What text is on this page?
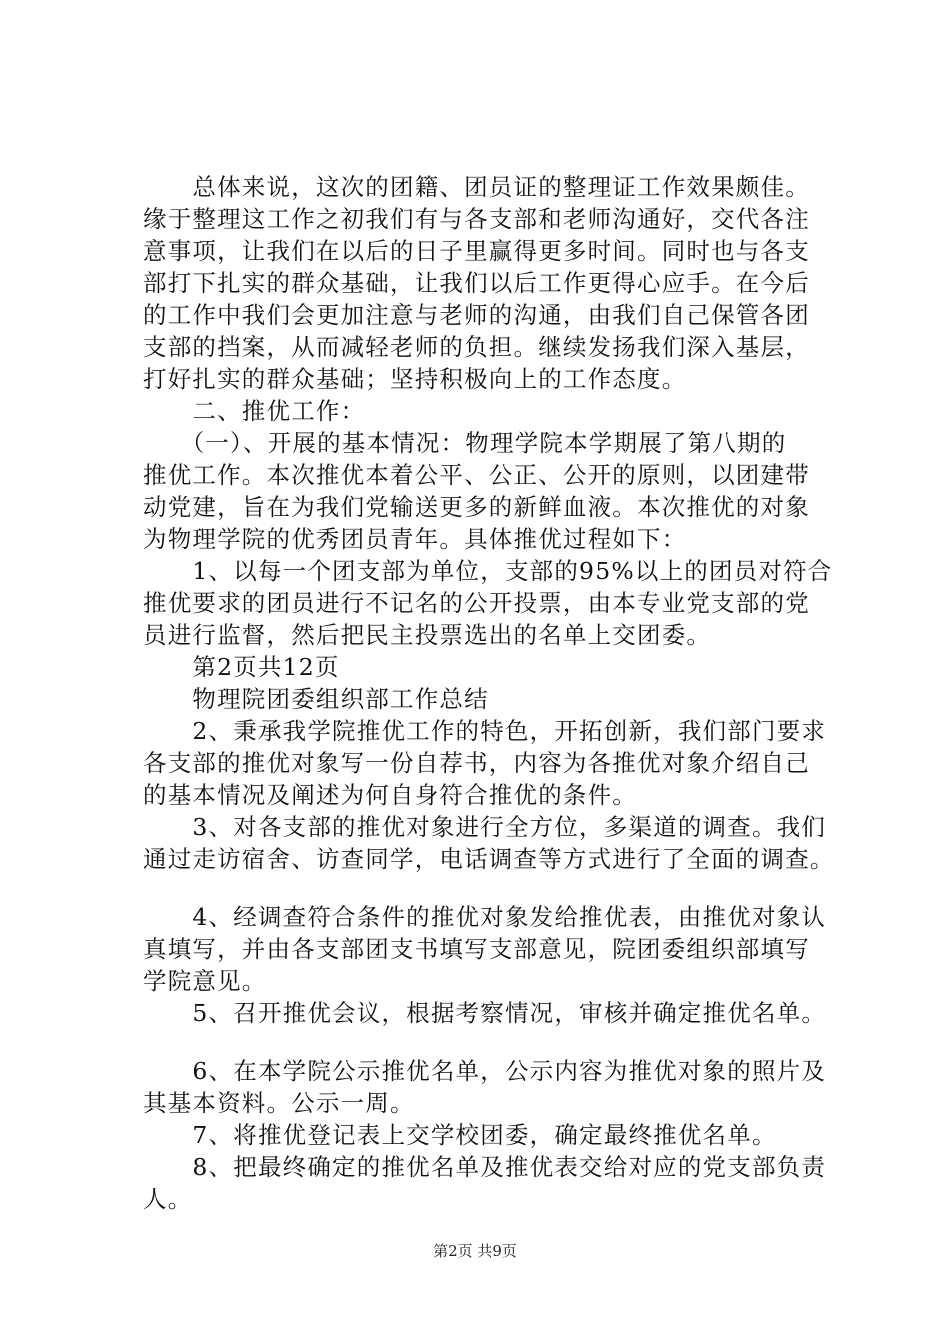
　　总体来说，这次的团籍、团员证的整理证工作效果颇佳。
缘于整理这工作之初我们有与各支部和老师沟通好，交代各注
意事项，让我们在以后的日子里赢得更多时间。同时也与各支
部打下扎实的群众基础，让我们以后工作更得心应手。在今后
的工作中我们会更加注意与老师的沟通，由我们自己保管各团
支部的挡案，从而减轻老师的负担。继续发扬我们深入基层，
打好扎实的群众基础；坚持积极向上的工作态度。
　　二、推优工作：
　　（一）、开展的基本情况：物理学院本学期展了第八期的
推优工作。本次推优本着公平、公正、公开的原则，以团建带
动党建，旨在为我们党输送更多的新鲜血液。本次推优的对象
为物理学院的优秀团员青年。具体推优过程如下：
　　1、以每一个团支部为单位，支部的95%以上的团员对符合
推优要求的团员进行不记名的公开投票，由本专业党支部的党
员进行监督，然后把民主投票选出的名单上交团委。
　　第2页共12页
　　物理院团委组织部工作总结
　　2、秉承我学院推优工作的特色，开拓创新，我们部门要求
各支部的推优对象写一份自荐书，内容为各推优对象介绍自己
的基本情况及阐述为何自身符合推优的条件。
　　3、对各支部的推优对象进行全方位，多渠道的调查。我们
通过走访宿舍、访查同学，电话调查等方式进行了全面的调查。
　　4、经调查符合条件的推优对象发给推优表，由推优对象认
真填写，并由各支部团支书填写支部意见，院团委组织部填写
学院意见。
　　5、召开推优会议，根据考察情况，审核并确定推优名单。
　　6、在本学院公示推优名单，公示内容为推优对象的照片及
其基本资料。公示一周。
　　7、将推优登记表上交学校团委，确定最终推优名单。
　　8、把最终确定的推优名单及推优表交给对应的党支部负责
人。
第2页 共9页
